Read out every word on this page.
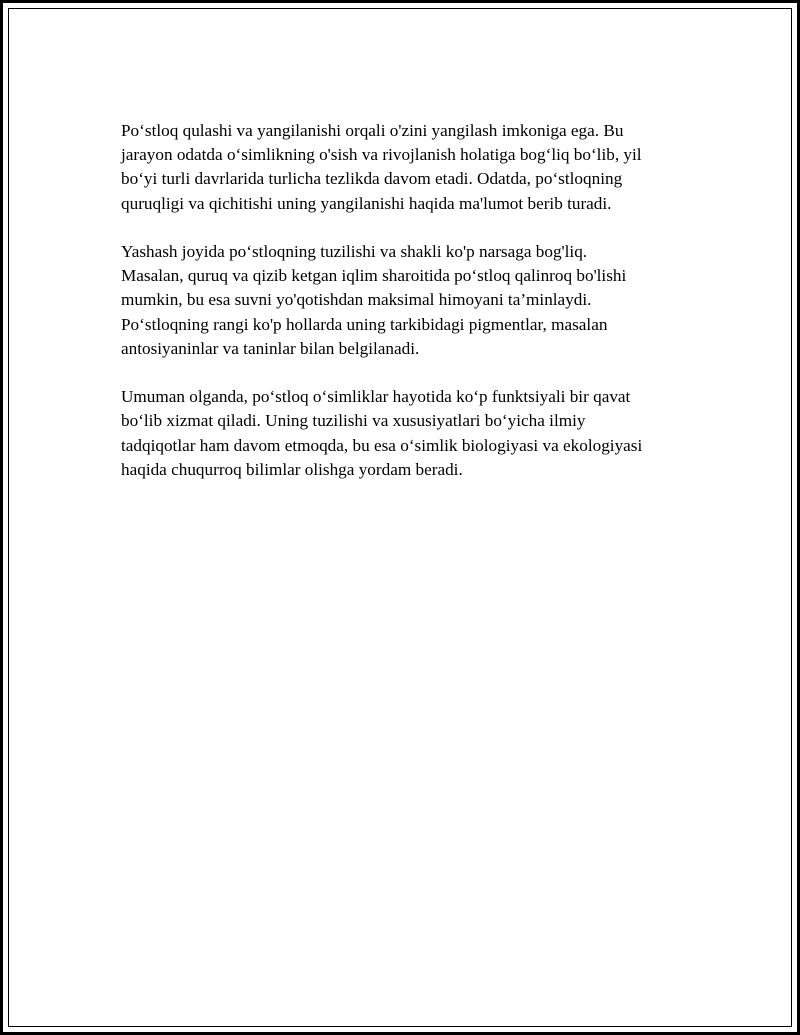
Po‘stloq qulashi va yangilanishi orqali o'zini yangilash imkoniga ega. Bu
jarayon odatda o‘simlikning o'sish va rivojlanish holatiga bog‘liq bo‘lib, yil
bo‘yi turli davrlarida turlicha tezlikda davom etadi. Odatda, po‘stloqning
quruqligi va qichitishi uning yangilanishi haqida ma'lumot berib turadi.

Yashash joyida po‘stloqning tuzilishi va shakli ko'p narsaga bog'liq.
Masalan, quruq va qizib ketgan iqlim sharoitida po‘stloq qalinroq bo'lishi
mumkin, bu esa suvni yo'qotishdan maksimal himoyani ta’minlaydi.
Po‘stloqning rangi ko'p hollarda uning tarkibidagi pigmentlar, masalan
antosiyaninlar va taninlar bilan belgilanadi.

Umuman olganda, po‘stloq o‘simliklar hayotida ko‘p funktsiyali bir qavat
bo‘lib xizmat qiladi. Uning tuzilishi va xususiyatlari bo‘yicha ilmiy
tadqiqotlar ham davom etmoqda, bu esa o‘simlik biologiyasi va ekologiyasi
haqida chuqurroq bilimlar olishga yordam beradi.
